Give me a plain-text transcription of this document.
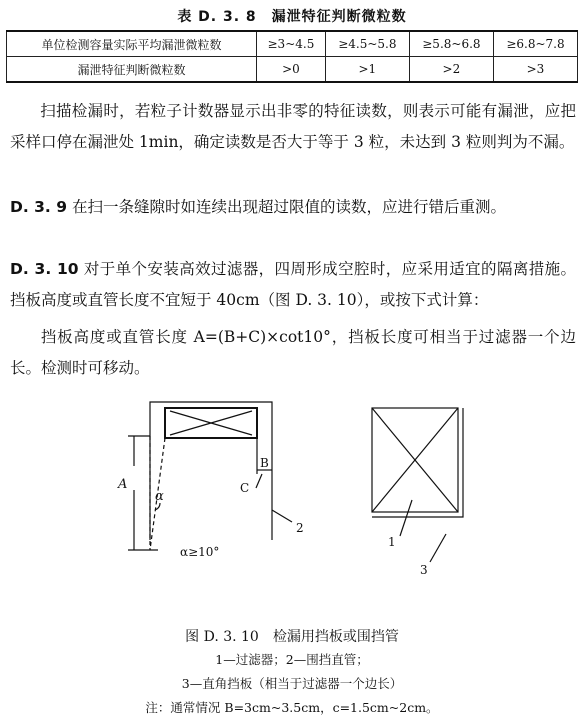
表 D. 3. 8　漏泄特征判断微粒数
单位检测容量实际平均漏泄微粒数	≥3~4.5	≥4.5~5.8	≥5.8~6.8	≥6.8~7.8
漏泄特征判断微粒数	>0	>1	>2	>3

扫描检漏时，若粒子计数器显示出非零的特征读数，则表示可能有漏泄，应把采样口停在漏泄处 1min，确定读数是否大于等于 3 粒，未达到 3 粒则判为不漏。

D. 3. 9 在扫一条缝隙时如连续出现超过限值的读数，应进行错后重测。

D. 3. 10 对于单个安装高效过滤器，四周形成空腔时，应采用适宜的隔离措施。挡板高度或直管长度不宜短于 40cm（图 D. 3. 10），或按下式计算：

挡板高度或直管长度 A=(B+C)×cot10°，挡板长度可相当于过滤器一个边长。检测时可移动。

A
α
α≥10°
B
C
2
1
3
图 D. 3. 10　检漏用挡板或围挡管
1—过滤器；2—围挡直管；
3—直角挡板（相当于过滤器一个边长）
注：通常情况 B=3cm~3.5cm，c=1.5cm~2cm。
